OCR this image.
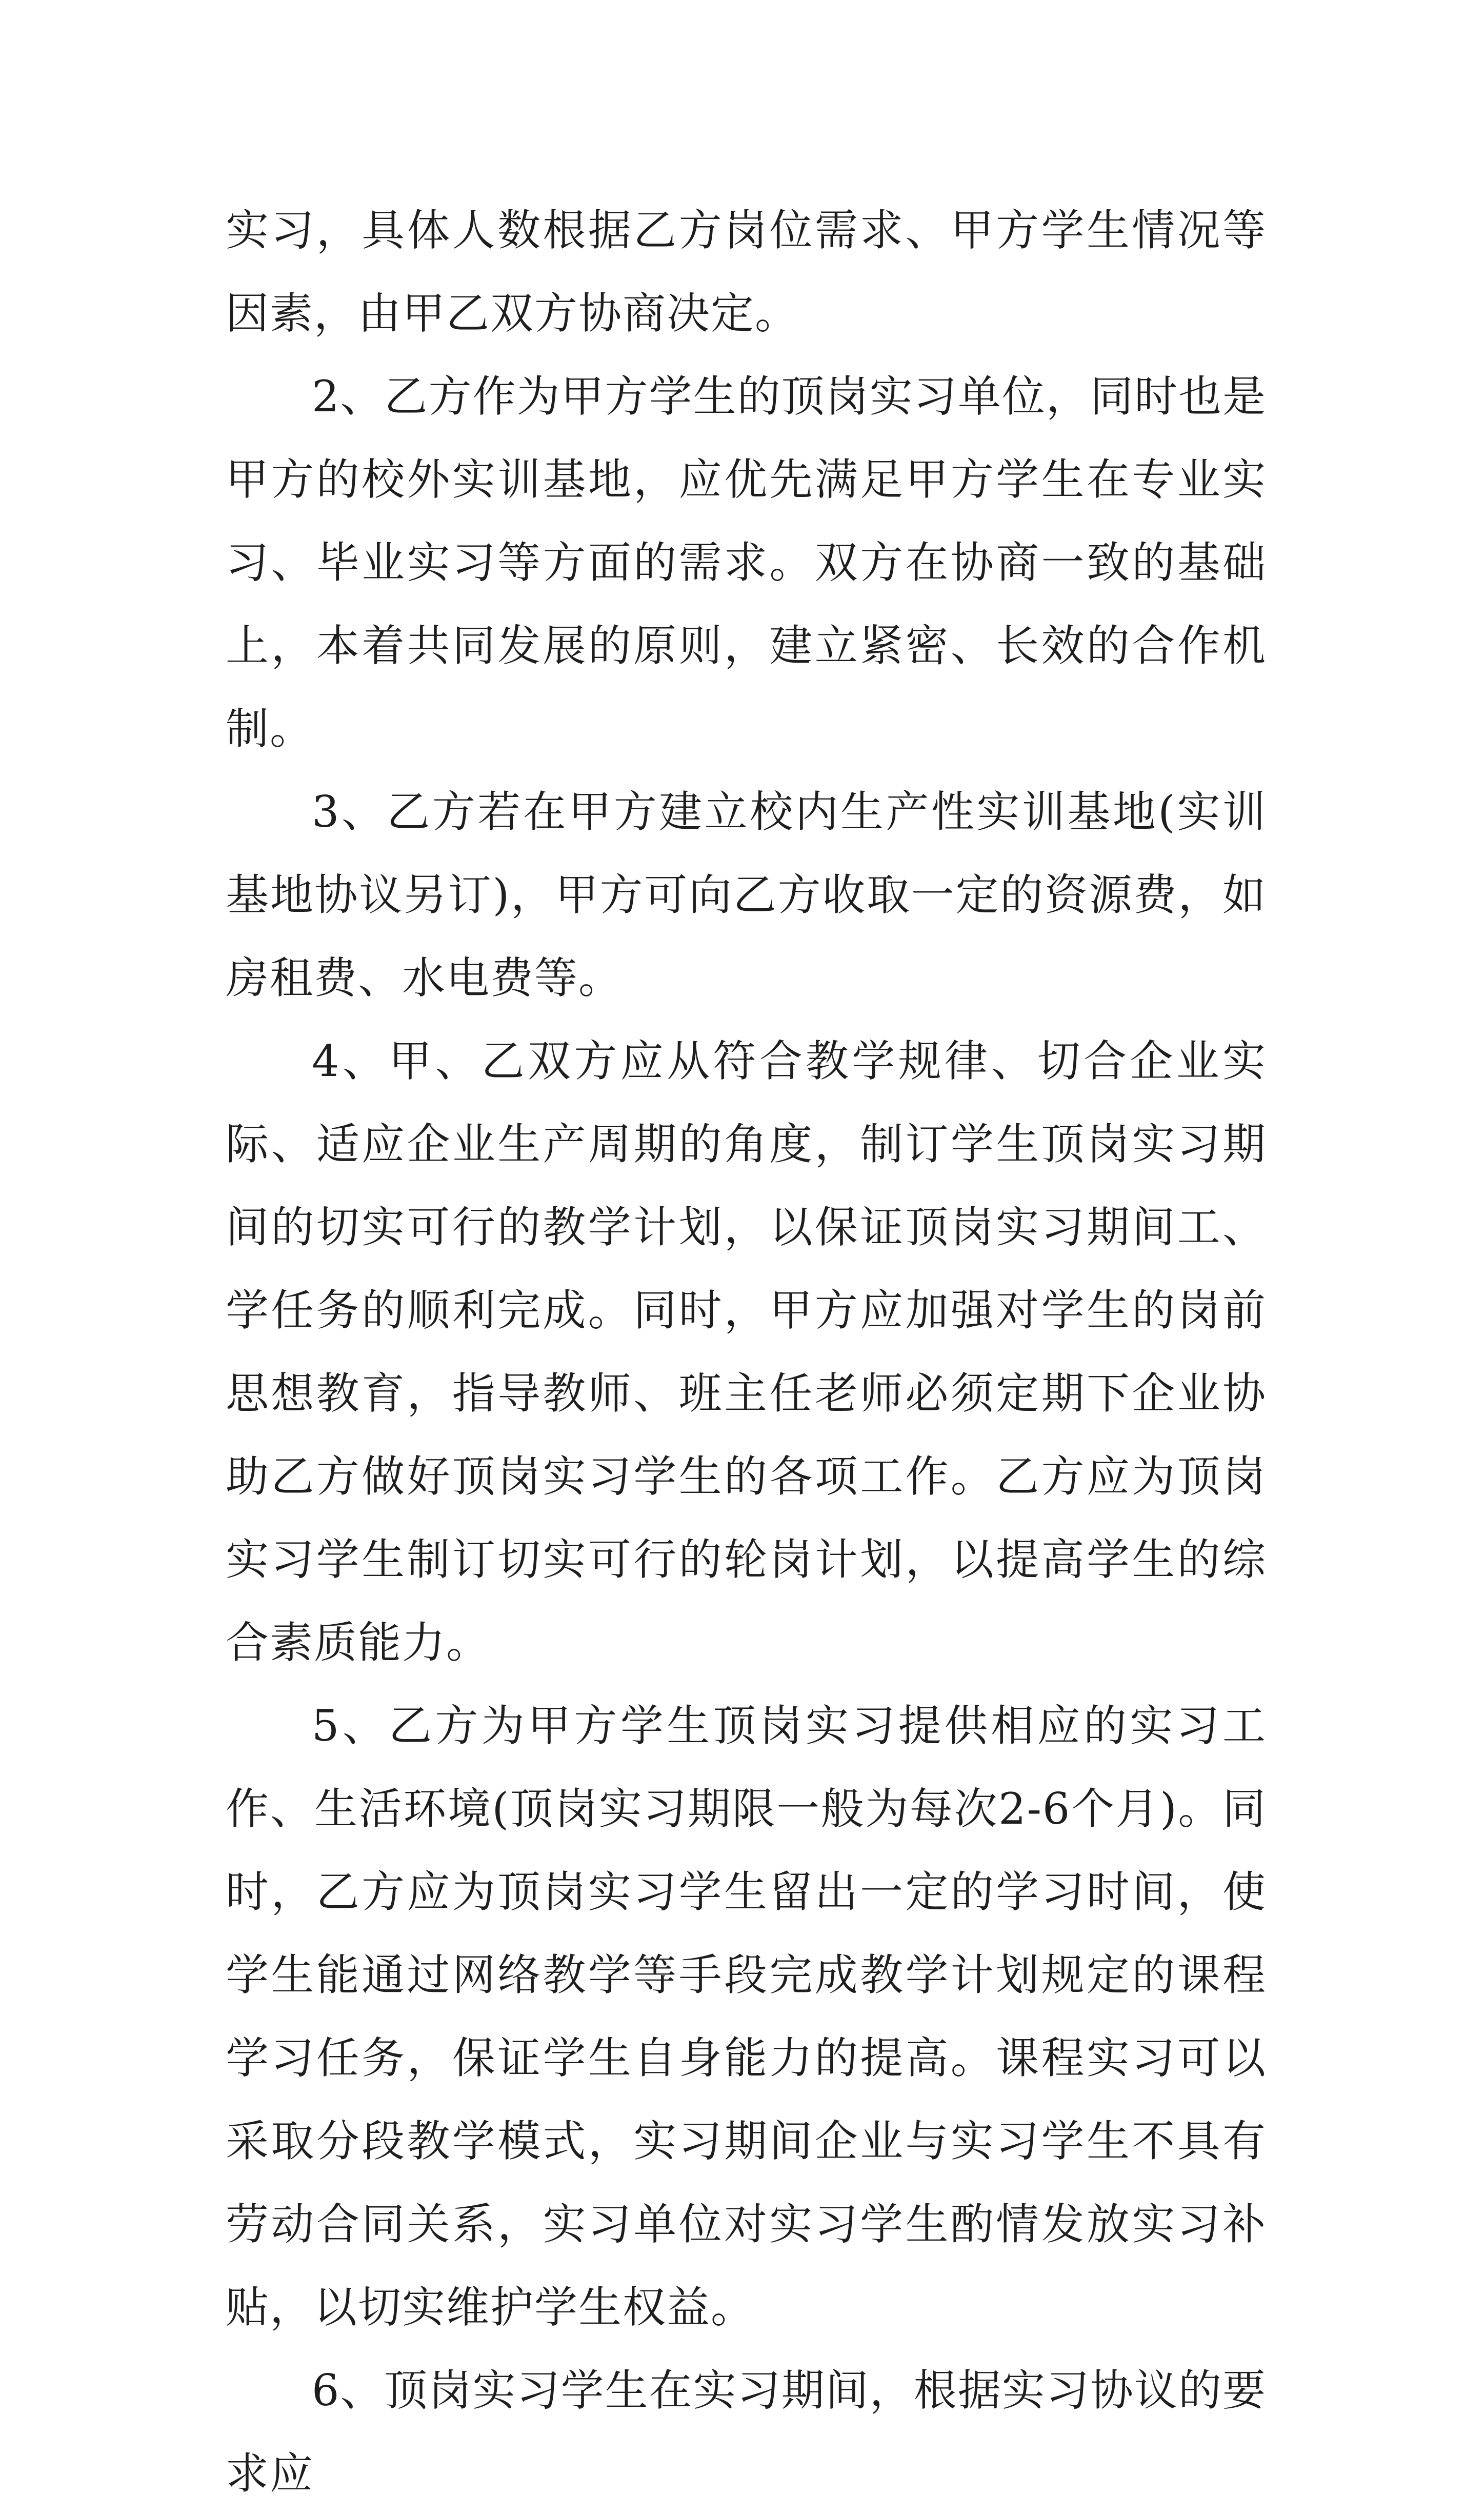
实习，具体人数根据乙方岗位需求、甲方学生情况等因素，由甲乙双方协商决定。

2、乙方作为甲方学生的顶岗实习单位，同时也是甲方的校外实训基地，应优先满足甲方学生在专业实习、毕业实习等方面的需求。双方在协商一致的基础上，本着共同发展的原则，建立紧密、长效的合作机制。

3、乙方若在甲方建立校内生产性实训基地(实训基地协议另订)，甲方可向乙方收取一定的资源费，如房租费、水电费等。

4、甲、乙双方应从符合教学规律、切合企业实际、适应企业生产周期的角度，制订学生顶岗实习期间的切实可行的教学计划，以保证顶岗实习期间工、学任务的顺利完成。同时，甲方应加强对学生的岗前思想教育，指导教师、班主任老师必须定期下企业协助乙方做好顶岗实习学生的各项工作。乙方应为顶岗实习学生制订切实可行的轮岗计划，以提高学生的综合素质能力。

5、乙方为甲方学生顶岗实习提供相应的实习工作、生活环境(顶岗实习期限一般为每次2-6个月)。同时，乙方应为顶岗实习学生留出一定的学习时间，使学生能通过网络教学等手段完成教学计划规定的课程学习任务，保证学生自身能力的提高。课程实习可以采取分段教学模式，实习期间企业与实习学生不具有劳动合同关系，实习单位对实习学生酌情发放实习补贴，以切实维护学生权益。

6、顶岗实习学生在实习期间，根据实习协议的要求应
